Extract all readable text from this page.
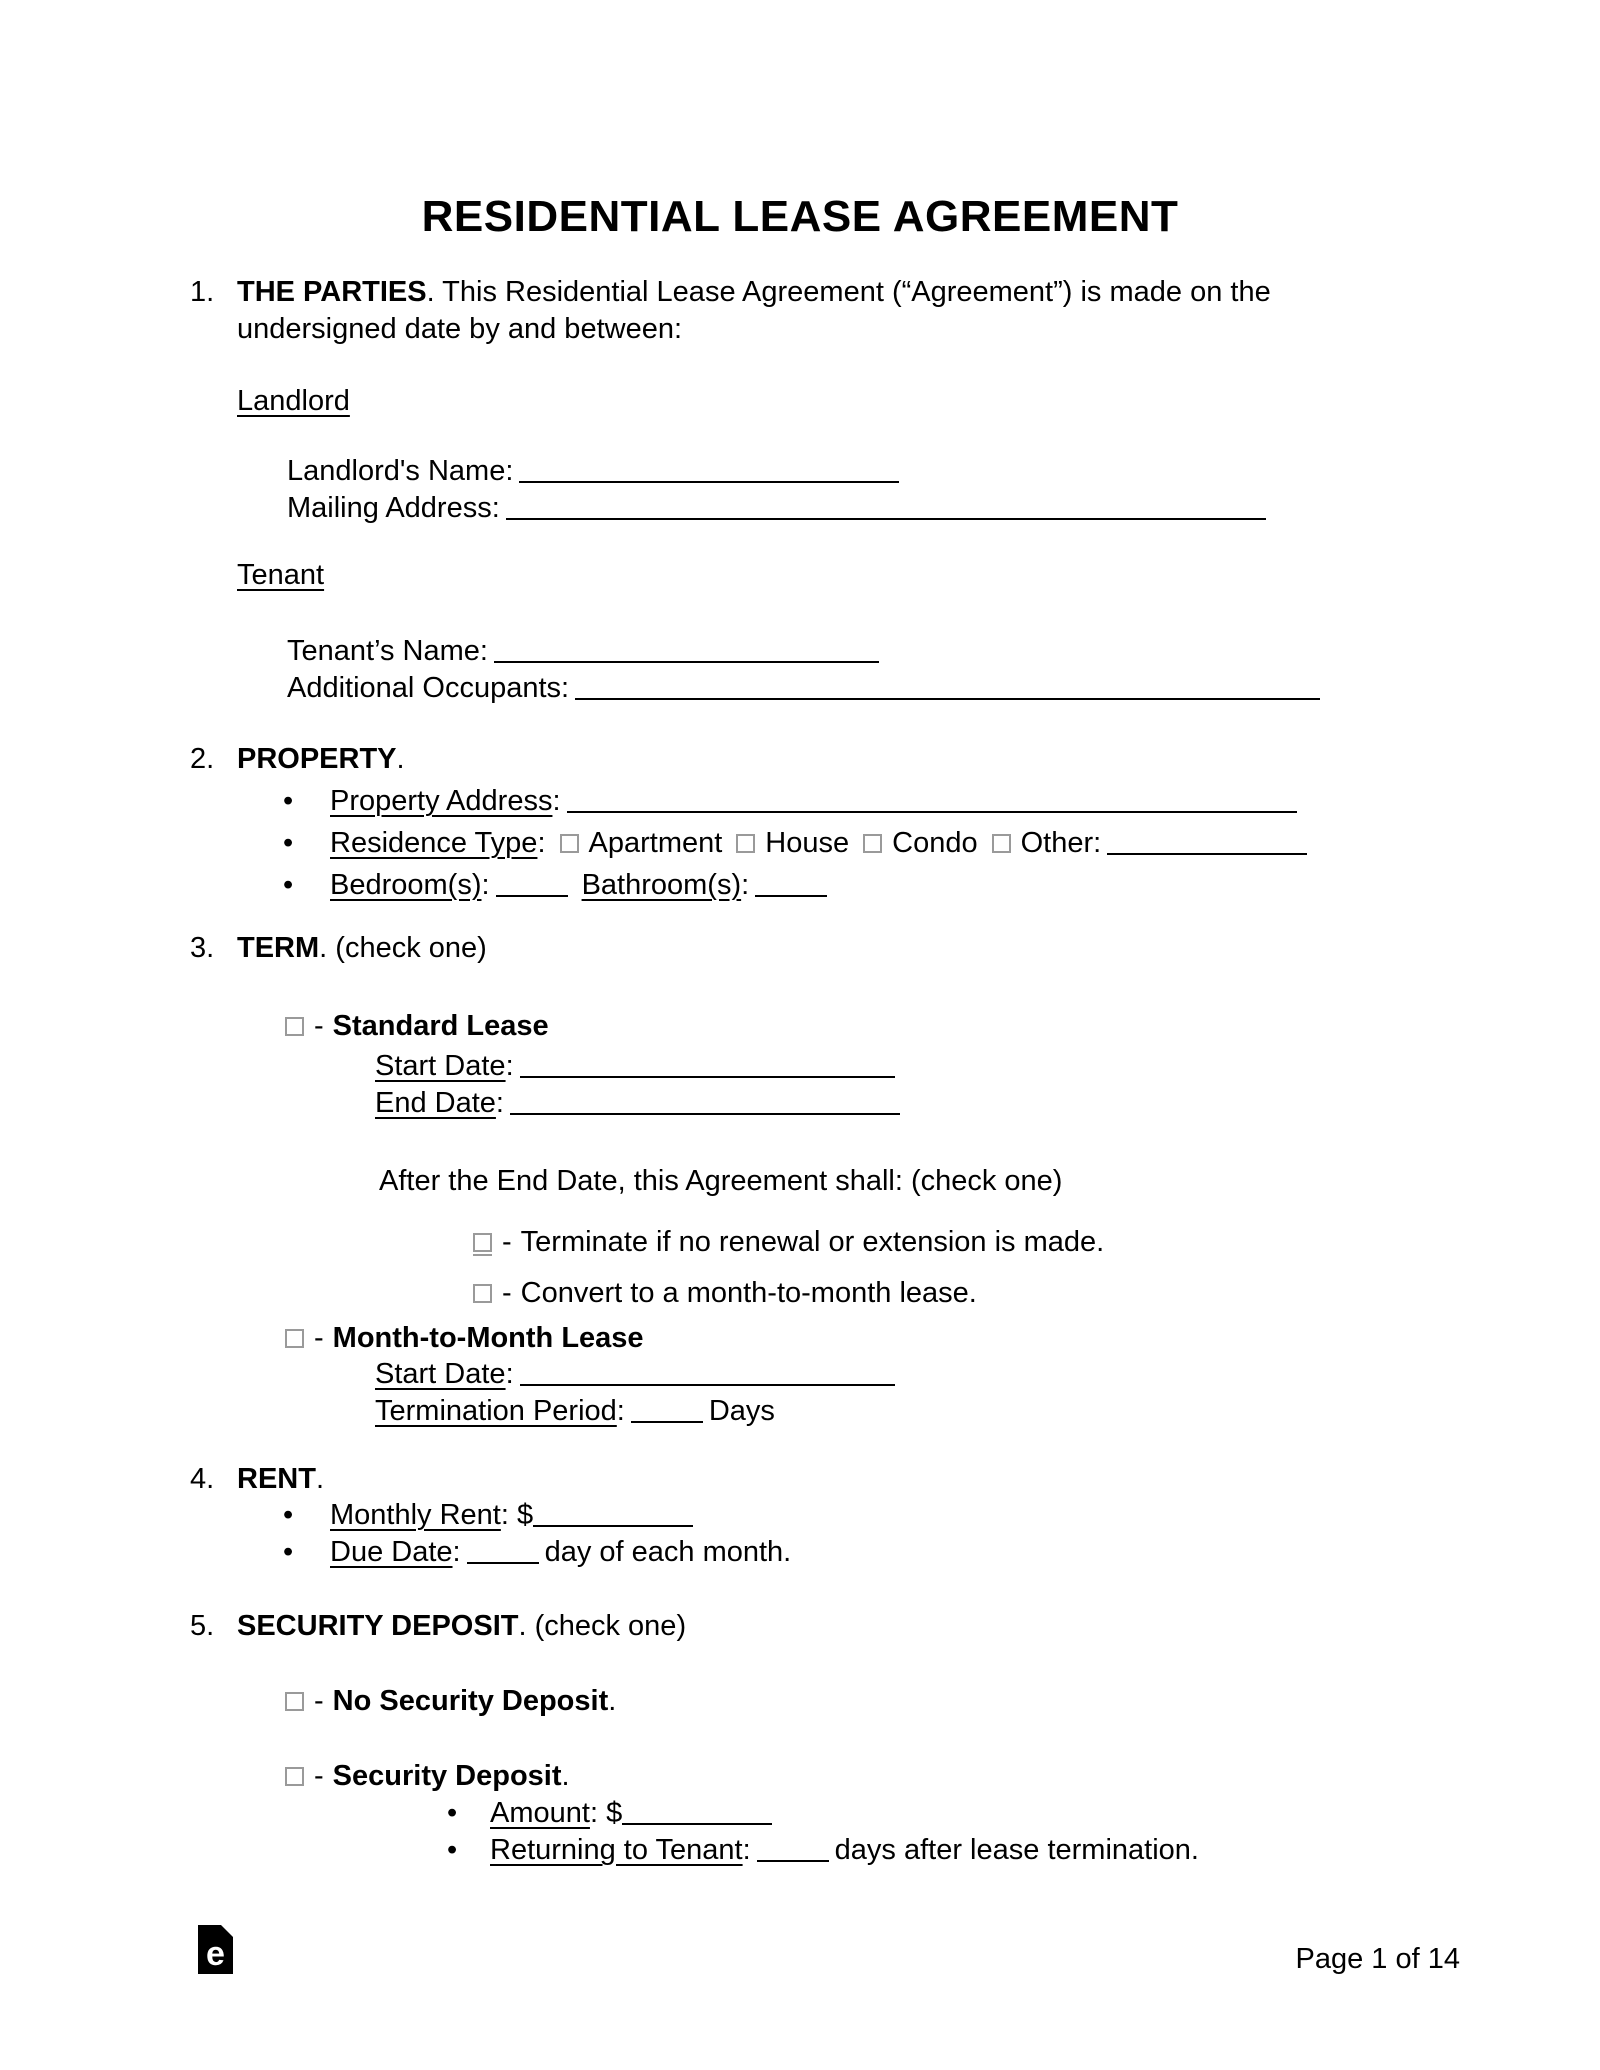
RESIDENTIAL LEASE AGREEMENT
1. THE PARTIES. This Residential Lease Agreement (“Agreement”) is made on the
undersigned date by and between:
Landlord
Landlord's Name:
Mailing Address:
Tenant
Tenant’s Name:
Additional Occupants:
2. PROPERTY.
• Property Address:
• Residence Type: Apartment House Condo Other:
• Bedroom(s):	Bathroom(s):
3. TERM. (check one)
- Standard Lease
Start Date:
End Date:
After the End Date, this Agreement shall: (check one)
- Terminate if no renewal or extension is made.
- Convert to a month-to-month lease.
- Month-to-Month Lease
Start Date:
Termination Period:	Days
4. RENT.
• Monthly Rent: $
• Due Date:	day of each month.
5. SECURITY DEPOSIT. (check one)
- No Security Deposit.
- Security Deposit.
• Amount: $
• Returning to Tenant:	days after lease termination.
e	Page 1 of 14
